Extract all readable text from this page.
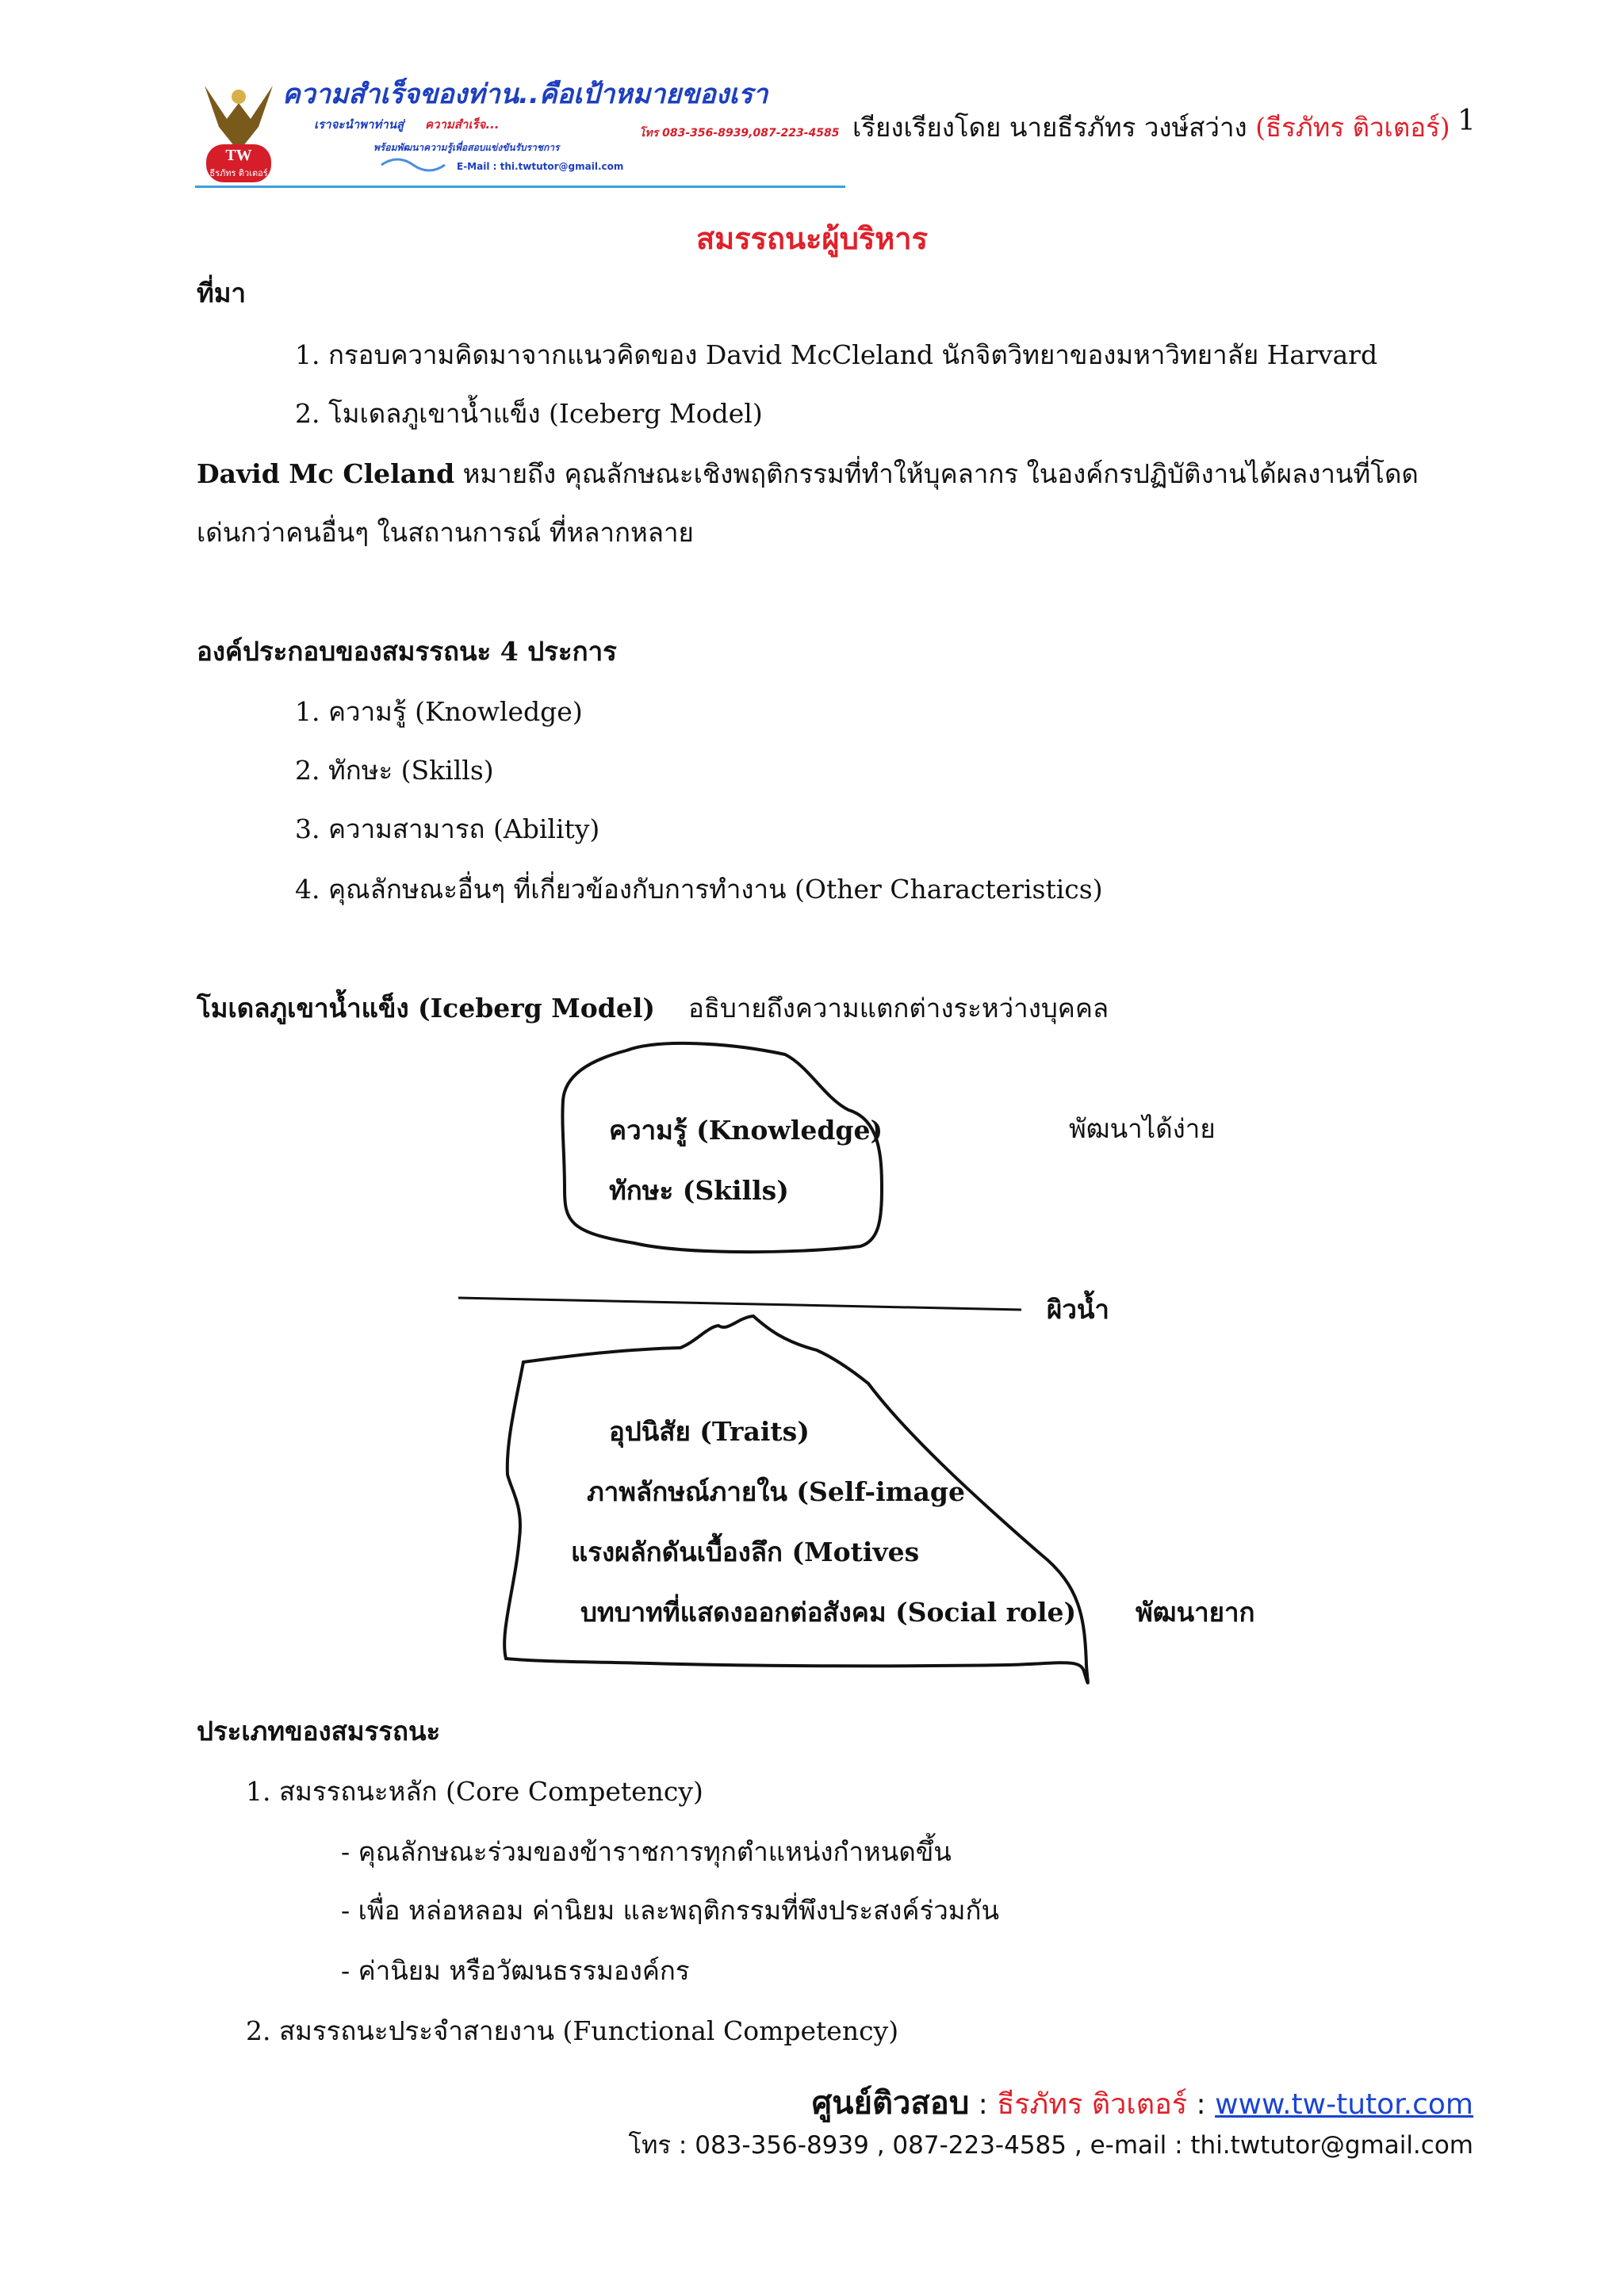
TW
ธีรภัทร ติวเตอร์
ความสำเร็จของท่าน..คือเป้าหมายของเรา
เราจะนำพาท่านสู่ ความสำเร็จ...
โทร 083-356-8939,087-223-4585
พร้อมพัฒนาความรู้เพื่อสอบแข่งขันรับราชการ
E-Mail : thi.twtutor@gmail.com
เรียงเรียงโดย นายธีรภัทร วงษ์สว่าง (ธีรภัทร ติวเตอร์) 1
สมรรถนะผู้บริหาร
ที่มา
1. กรอบความคิดมาจากแนวคิดของ David McCleland นักจิตวิทยาของมหาวิทยาลัย Harvard
2. โมเดลภูเขาน้ำแข็ง (Iceberg Model)
David Mc Cleland หมายถึง คุณลักษณะเชิงพฤติกรรมที่ทำให้บุคลากร ในองค์กรปฏิบัติงานได้ผลงานที่โดด
เด่นกว่าคนอื่นๆ ในสถานการณ์ ที่หลากหลาย
องค์ประกอบของสมรรถนะ 4 ประการ
1. ความรู้ (Knowledge)
2. ทักษะ (Skills)
3. ความสามารถ (Ability)
4. คุณลักษณะอื่นๆ ที่เกี่ยวข้องกับการทำงาน (Other Characteristics)
โมเดลภูเขาน้ำแข็ง (Iceberg Model) อธิบายถึงความแตกต่างระหว่างบุคคล
ความรู้ (Knowledge)
ทักษะ (Skills)
พัฒนาได้ง่าย
ผิวน้ำ
อุปนิสัย (Traits)
ภาพลักษณ์ภายใน (Self-image
แรงผลักดันเบื้องลึก (Motives
บทบาทที่แสดงออกต่อสังคม (Social role) พัฒนายาก
ประเภทของสมรรถนะ
1. สมรรถนะหลัก (Core Competency)
- คุณลักษณะร่วมของข้าราชการทุกตำแหน่งกำหนดขึ้น
- เพื่อ หล่อหลอม ค่านิยม และพฤติกรรมที่พึงประสงค์ร่วมกัน
- ค่านิยม หรือวัฒนธรรมองค์กร
2. สมรรถนะประจำสายงาน (Functional Competency)
ศูนย์ติวสอบ : ธีรภัทร ติวเตอร์ : www.tw-tutor.com
โทร : 083-356-8939 , 087-223-4585 , e-mail : thi.twtutor@gmail.com
